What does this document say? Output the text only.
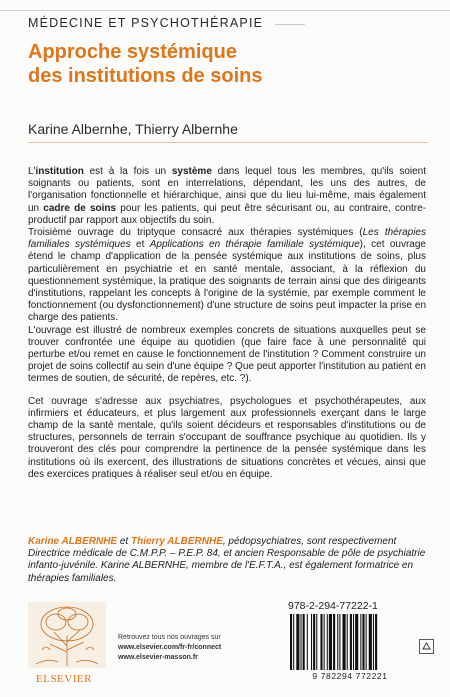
MÉDECINE ET PSYCHOTHÉRAPIE
Approche systémique
des institutions de soins
Karine Albernhe, Thierry Albernhe

L'institution est à la fois un système dans lequel tous les membres, qu'ils soient soignants ou patients, sont en interrelations, dépendant, les uns des autres, de l'organisation fonctionnelle et hiérarchique, ainsi que du lieu lui-même, mais également un cadre de soins pour les patients, qui peut être sécurisant ou, au contraire, contre-productif par rapport aux objectifs du soin.

Troisième ouvrage du triptyque consacré aux thérapies systémiques (Les thérapies familiales systémiques et Applications en thérapie familiale systémique), cet ouvrage étend le champ d'application de la pensée systémique aux institutions de soins, plus particulièrement en psychiatrie et en santé mentale, associant, à la réflexion du questionnement systémique, la pratique des soignants de terrain ainsi que des dirigeants d'institutions, rappelant les concepts à l'origine de la systémie, par exemple comment le fonctionnement (ou dysfonctionnement) d'une structure de soins peut impacter la prise en charge des patients.

L'ouvrage est illustré de nombreux exemples concrets de situations auxquelles peut se trouver confrontée une équipe au quotidien (que faire face à une personnalité qui perturbe et/ou remet en cause le fonctionnement de l'institution ? Comment construire un projet de soins collectif au sein d'une équipe ? Que peut apporter l'institution au patient en termes de soutien, de sécurité, de repères, etc. ?).

Cet ouvrage s'adresse aux psychiatres, psychologues et psychothérapeutes, aux infirmiers et éducateurs, et plus largement aux professionnels exerçant dans le large champ de la santé mentale, qu'ils soient décideurs et responsables d'institutions ou de structures, personnels de terrain s'occupant de souffrance psychique au quotidien. Ils y trouveront des clés pour comprendre la pertinence de la pensée systémique dans les institutions où ils exercent, des illustrations de situations concrètes et vécues, ainsi que des exercices pratiques à réaliser seul et/ou en équipe.

Karine ALBERNHE et Thierry ALBERNHE, pédopsychiatres, sont respectivement Directrice médicale de C.M.P.P. – P.E.P. 84, et ancien Responsable de pôle de psychiatrie infanto-juvénile. Karine ALBERNHE, membre de l'E.F.T.A., est également formatrice en thérapies familiales.
ELSEVIER
Retrouvez tous nos ouvrages sur
www.elsevier.com/fr-fr/connect
www.elsevier-masson.fr
978-2-294-77222-1
9 782294 772221
